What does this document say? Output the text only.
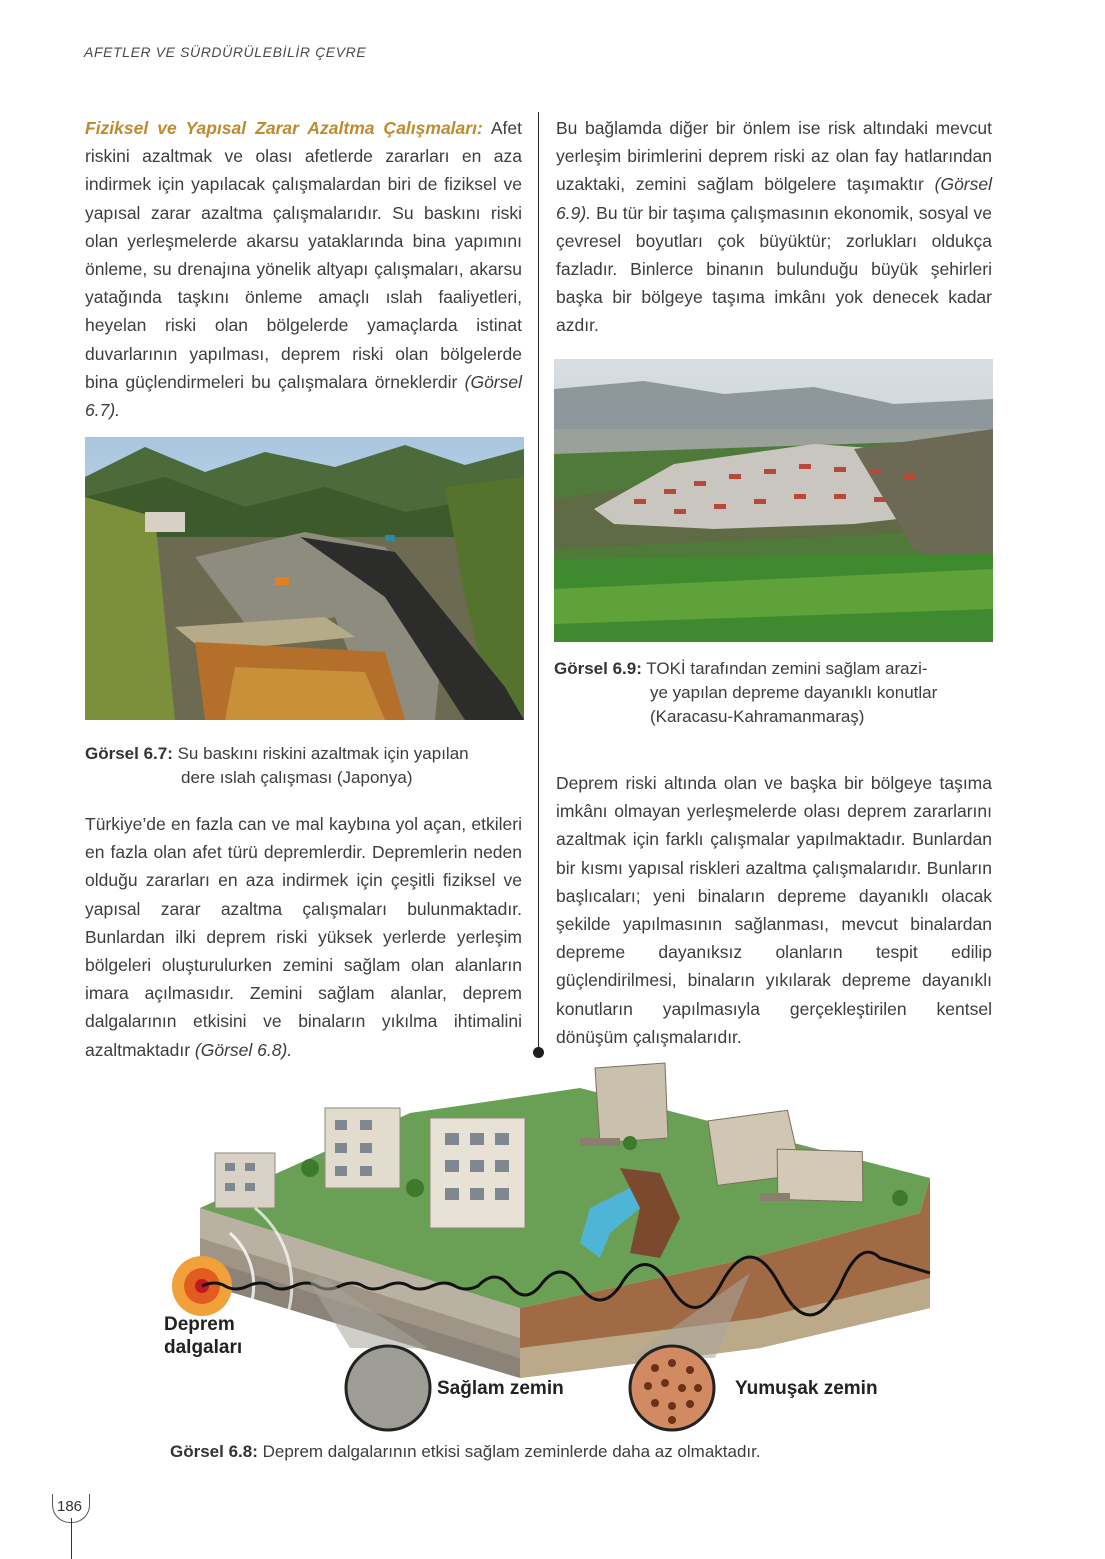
AFETLER VE SÜRDÜRÜLEBİLİR ÇEVRE
Fiziksel ve Yapısal Zarar Azaltma Çalışmaları: Afet riskini azaltmak ve olası afetlerde zararları en aza indirmek için yapılacak çalışmalardan biri de fiziksel ve yapısal zarar azaltma çalışmalarıdır. Su baskını riski olan yerleşmelerde akarsu yataklarında bina yapımını önleme, su drenajına yönelik altyapı çalışmaları, akarsu yatağında taşkını önleme amaçlı ıslah faaliyetleri, heyelan riski olan bölgelerde yamaçlarda istinat duvarlarının yapılması, deprem riski olan bölgelerde bina güçlendirmeleri bu çalışmalara örneklerdir (Görsel 6.7).
Görsel 6.7: Su baskını riskini azaltmak için yapılan
dere ıslah çalışması (Japonya)
Türkiye’de en fazla can ve mal kaybına yol açan, etkileri en fazla olan afet türü depremlerdir. Depremlerin neden olduğu zararları en aza indirmek için çeşitli fiziksel ve yapısal zarar azaltma çalışmaları bulunmaktadır. Bunlardan ilki deprem riski yüksek yerlerde yerleşim bölgeleri oluşturulurken zemini sağlam olan alanların imara açılmasıdır. Zemini sağlam alanlar, deprem dalgalarının etkisini ve binaların yıkılma ihtimalini azaltmaktadır (Görsel 6.8).
Bu bağlamda diğer bir önlem ise risk altındaki mevcut yerleşim birimlerini deprem riski az olan fay hatlarından uzaktaki, zemini sağlam bölgelere taşımaktır (Görsel 6.9). Bu tür bir taşıma çalışmasının ekonomik, sosyal ve çevresel boyutları çok büyüktür; zorlukları oldukça fazladır. Binlerce binanın bulunduğu büyük şehirleri başka bir bölgeye taşıma imkânı yok denecek kadar azdır.
Görsel 6.9: TOKİ tarafından zemini sağlam arazi-
ye yapılan depreme dayanıklı konutlar
(Karacasu-Kahramanmaraş)
Deprem riski altında olan ve başka bir bölgeye taşıma imkânı olmayan yerleşmelerde olası deprem zararlarını azaltmak için farklı çalışmalar yapılmaktadır. Bunlardan bir kısmı yapısal riskleri azaltma çalışmalarıdır. Bunların başlıcaları; yeni binaların depreme dayanıklı olacak şekilde yapılmasının sağlanması, mevcut binalardan depreme dayanıksız olanların tespit edilip güçlendirilmesi, binaların yıkılarak depreme dayanıklı konutların yapılmasıyla gerçekleştirilen kentsel dönüşüm çalışmalarıdır.
Deprem
dalgaları
Sağlam zemin	Yumuşak zemin
Görsel 6.8: Deprem dalgalarının etkisi sağlam zeminlerde daha az olmaktadır.
186
